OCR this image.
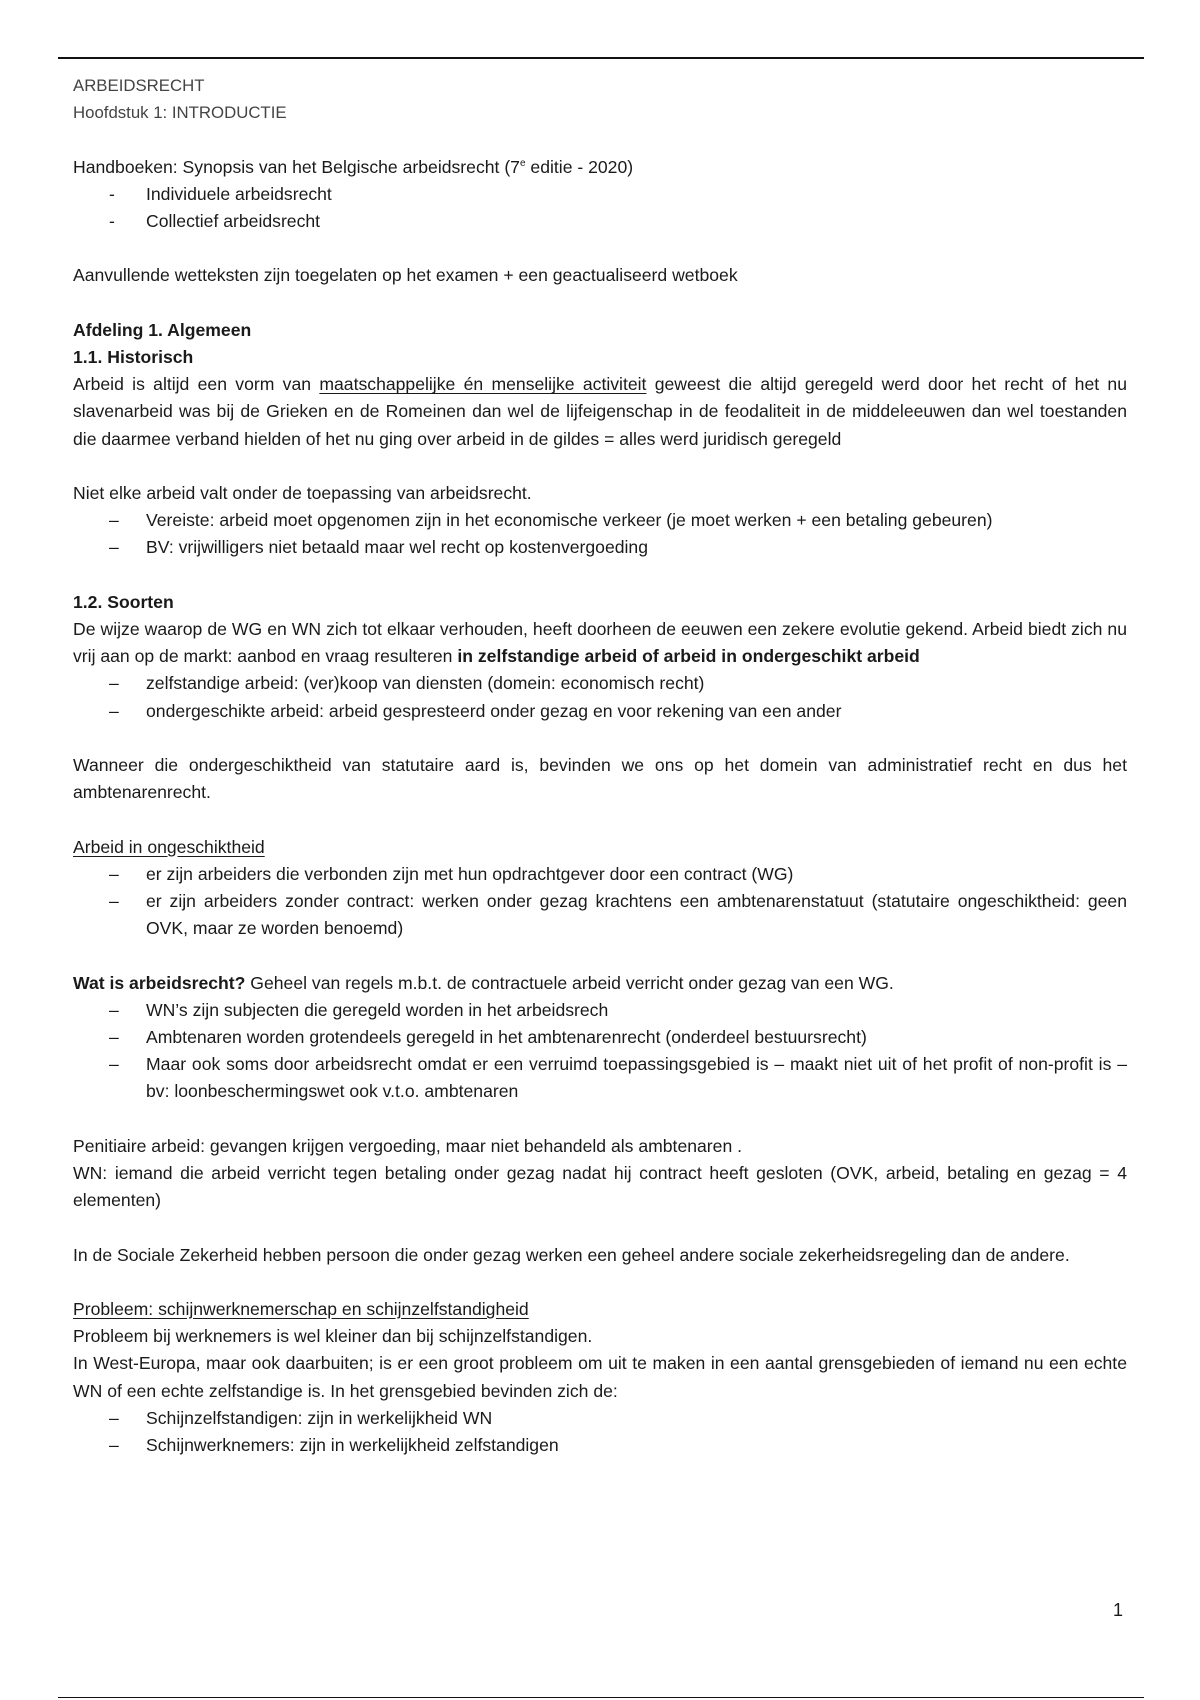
ARBEIDSRECHT

Hoofdstuk 1: INTRODUCTIE

Handboeken: Synopsis van het Belgische arbeidsrecht (7e editie - 2020)

-	Individuele arbeidsrecht
-	Collectief arbeidsrecht

Aanvullende wetteksten zijn toegelaten op het examen + een geactualiseerd wetboek

Afdeling 1. Algemeen

1.1. Historisch

Arbeid is altijd een vorm van maatschappelijke én menselijke activiteit geweest die altijd geregeld werd door het recht of het nu slavenarbeid was bij de Grieken en de Romeinen dan wel de lijfeigenschap in de feodaliteit in de middeleeuwen dan wel toestanden die daarmee verband hielden of het nu ging over arbeid in de gildes = alles werd juridisch geregeld

Niet elke arbeid valt onder de toepassing van arbeidsrecht.

–	Vereiste: arbeid moet opgenomen zijn in het economische verkeer (je moet werken + een betaling gebeuren)
–	BV: vrijwilligers niet betaald maar wel recht op kostenvergoeding

1.2. Soorten

De wijze waarop de WG en WN zich tot elkaar verhouden, heeft doorheen de eeuwen een zekere evolutie gekend. Arbeid biedt zich nu vrij aan op de markt: aanbod en vraag resulteren in zelfstandige arbeid of arbeid in ondergeschikt arbeid

–	zelfstandige arbeid: (ver)koop van diensten (domein: economisch recht)
–	ondergeschikte arbeid: arbeid gespresteerd onder gezag en voor rekening van een ander

Wanneer die ondergeschiktheid van statutaire aard is, bevinden we ons op het domein van administratief recht en dus het ambtenarenrecht.

Arbeid in ongeschiktheid

–	er zijn arbeiders die verbonden zijn met hun opdrachtgever door een contract (WG)
–	er zijn arbeiders zonder contract: werken onder gezag krachtens een ambtenarenstatuut (statutaire ongeschiktheid: geen OVK, maar ze worden benoemd)

Wat is arbeidsrecht? Geheel van regels m.b.t. de contractuele arbeid verricht onder gezag van een WG.

–	WN’s zijn subjecten die geregeld worden in het arbeidsrech
–	Ambtenaren worden grotendeels geregeld in het ambtenarenrecht (onderdeel bestuursrecht)
–	Maar ook soms door arbeidsrecht omdat er een verruimd toepassingsgebied is – maakt niet uit of het profit of non-profit is – bv: loonbeschermingswet ook v.t.o. ambtenaren

Penitiaire arbeid: gevangen krijgen vergoeding, maar niet behandeld als ambtenaren .

WN: iemand die arbeid verricht tegen betaling onder gezag nadat hij contract heeft gesloten (OVK, arbeid, betaling en gezag = 4 elementen)

In de Sociale Zekerheid hebben persoon die onder gezag werken een geheel andere sociale zekerheidsregeling dan de andere.

Probleem: schijnwerknemerschap en schijnzelfstandigheid

Probleem bij werknemers is wel kleiner dan bij schijnzelfstandigen.

In West-Europa, maar ook daarbuiten; is er een groot probleem om uit te maken in een aantal grensgebieden of iemand nu een echte WN of een echte zelfstandige is. In het grensgebied bevinden zich de:

–	Schijnzelfstandigen: zijn in werkelijkheid WN
–	Schijnwerknemers: zijn in werkelijkheid zelfstandigen
1
